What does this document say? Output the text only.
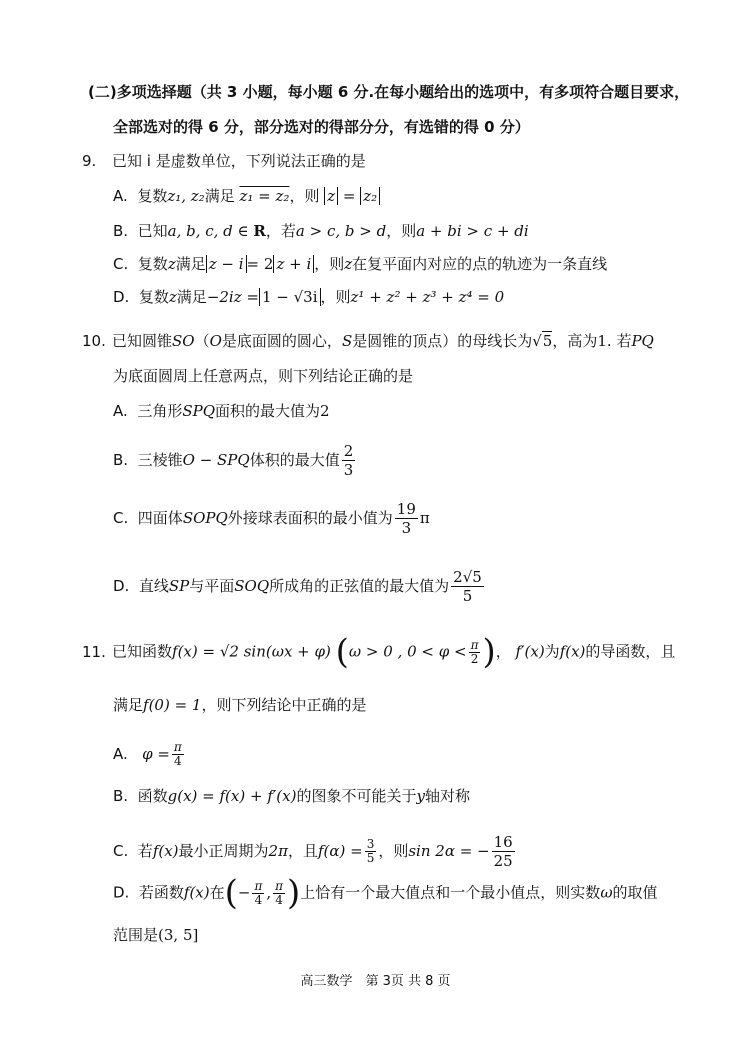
(二)多项选择题（共 3 小题，每小题 6 分.在每小题给出的选项中，有多项符合题目要求，
全部选对的得 6 分，部分选对的得部分分，有选错的得 0 分）
9. 已知 i 是虚数单位，下列说法正确的是
A. 复数z₁, z₂满足 z₁ = z₂，则 z = z₂
B. 已知a, b, c, d ∈ R，若a > c, b > d，则a + bi > c + di
C. 复数z满足 z − i = 2 z + i ，则z在复平面内对应的点的轨迹为一条直线
D. 复数z满足−2iz = 1 − √3i ，则z¹ + z² + z³ + z⁴ = 0
10. 已知圆锥SO（O是底面圆的圆心，S是圆锥的顶点）的母线长为√5，高为1. 若PQ
为底面圆周上任意两点，则下列结论正确的是
A. 三角形SPQ面积的最大值为2
B. 三棱锥O − SPQ体积的最大值 $\frac{2}{3}$
C. 四面体SOPQ外接球表面积的最小值为 $\frac{19}{3}$ π
D. 直线SP与平面SOQ所成角的正弦值的最大值为 $\frac{2√5}{5}$
11. 已知函数f(x) = √2 sin(ωx + φ) (ω > 0 , $0 < \varphi < \frac{\pi}{2}$ )， f′(x)为f(x)的导函数，且
满足f(0) = 1，则下列结论中正确的是
A. $\varphi = \frac{\pi}{4}$
B. 函数g(x) = f(x) + f′(x)的图象不可能关于y轴对称
C. 若f(x)最小正周期为2π，且$f(\alpha) = \frac{3}{5}$ ，则sin 2α = − $\frac{16}{25}$
D. 若函数f(x)在(− $\frac{\pi}{4}$ , $\frac{\pi}{4}$ )上恰有一个最大值点和一个最小值点，则实数ω的取值
范围是(3, 5]
高三数学　第 3页 共 8 页
